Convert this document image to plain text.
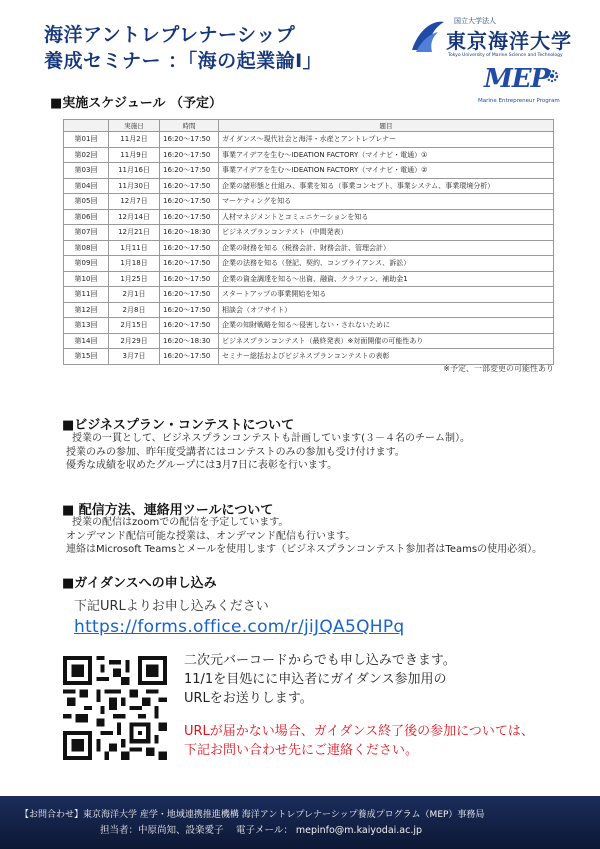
海洋アントレプレナーシップ
養成セミナー ：「海の起業論Ⅰ」
国立大学法人
東京海洋大学
Tokyo University of Marine Science and Technology
MEP
Marine Entrepreneur Program
■実施スケジュール （予定）
	実施日	時間	題目
第01回	11月2日	16:20～17:50	ガイダンス～現代社会と海洋・水産とアントレプレナー
第02回	11月9日	16:20～17:50	事業アイデアを生む～IDEATION FACTORY（マイナビ・電通）①
第03回	11月16日	16:20～17:50	事業アイデアを生む～IDEATION FACTORY（マイナビ・電通）②
第04回	11月30日	16:20～17:50	企業の諸形態と仕組み、事業を知る（事業コンセプト、事業システム、事業環境分析）
第05回	12月7日	16:20～17:50	マーケティングを知る
第06回	12月14日	16:20～17:50	人材マネジメントとコミュニケーションを知る
第07回	12月21日	16:20～18:30	ビジネスプランコンテスト（中間発表）
第08回	1月11日	16:20～17:50	企業の財務を知る（税務会計、財務会計、管理会計）
第09回	1月18日	16:20～17:50	企業の法務を知る（登記、契約、コンプライアンス、訴訟）
第10回	1月25日	16:20～17:50	企業の資金調達を知る～出資、融資、クラファン、補助金1
第11回	2月1日	16:20～17:50	スタートアップの事業開始を知る
第12回	2月8日	16:20～17:50	相談会（オフサイト）
第13回	2月15日	16:20～17:50	企業の知財戦略を知る～侵害しない・されないために
第14回	2月29日	16:20～18:30	ビジネスプランコンテスト（最終発表）※対面開催の可能性あり
第15回	3月7日	16:20～17:50	セミナー総括およびビジネスプランコンテストの表彰
※予定、一部変更の可能性あり
■ビジネスプラン・コンテストについて
授業の一貫として、ビジネスプランコンテストも計画しています(３－４名のチーム制）。
授業のみの参加、昨年度受講者にはコンテストのみの参加も受け付けます。
優秀な成績を収めたグループには3月7日に表彰を行います。
■ 配信方法、連絡用ツールについて
授業の配信はzoomでの配信を予定しています。
オンデマンド配信可能な授業は、オンデマンド配信も行います。
連絡はMicrosoft Teamsとメールを使用します（ビジネスプランコンテスト参加者はTeamsの使用必須）。
■ガイダンスへの申し込み
下記URLよりお申し込みください
https://forms.office.com/r/jiJQA5QHPq
二次元バーコードからでも申し込みできます。
11/1を目処にに申込者にガイダンス参加用の
URLをお送りします。
URLが届かない場合、ガイダンス終了後の参加については、
下記お問い合わせ先にご連絡ください。
【お問合わせ】東京海洋大学 産学・地域連携推進機構 海洋アントレプレナーシップ養成プログラム（MEP）事務局
担当者：中原尚知、設楽愛子　 電子メール： mepinfo@m.kaiyodai.ac.jp
